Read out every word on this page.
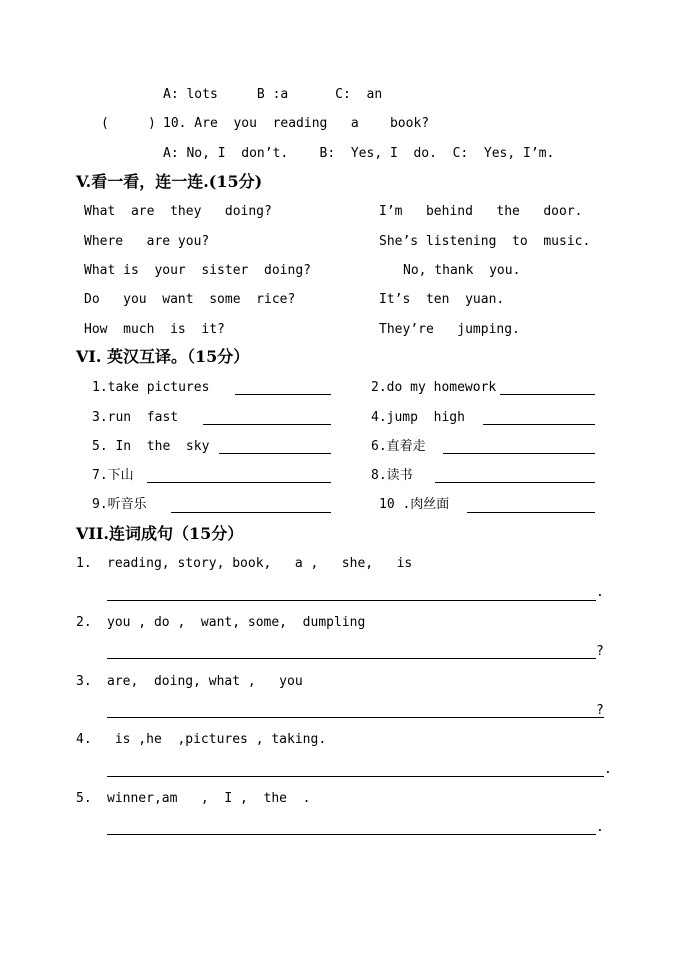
A: lots     B :a      C:  an
(     ) 10. Are  you  reading   a    book?
A: No, I  don’t.    B:  Yes, I  do.  C:  Yes, I’m.
V.看一看，连一连.(15分)
What  are  they   doing?
Where   are you?
What is  your  sister  doing?
Do   you  want  some  rice?
How  much  is  it?
I’m   behind   the   door.
She’s listening  to  music.
No, thank  you.
It’s  ten  yuan.
They’re   jumping.
VI. 英汉互译。（15分）
1.take pictures	2.do my homework
3.run  fast	4.jump  high
5. In  the  sky	6.直着走
7.下山	8.读书
9.听音乐	10 .肉丝面
VII.连词成句（15分）
1. reading, story, book,   a ,   she,   is
.
2. you , do ,  want, some,  dumpling
?
3. are,  doing, what ,   you
?
4. is ,he  ,pictures , taking.
.
5. winner,am   ,  I ,  the  .
.
